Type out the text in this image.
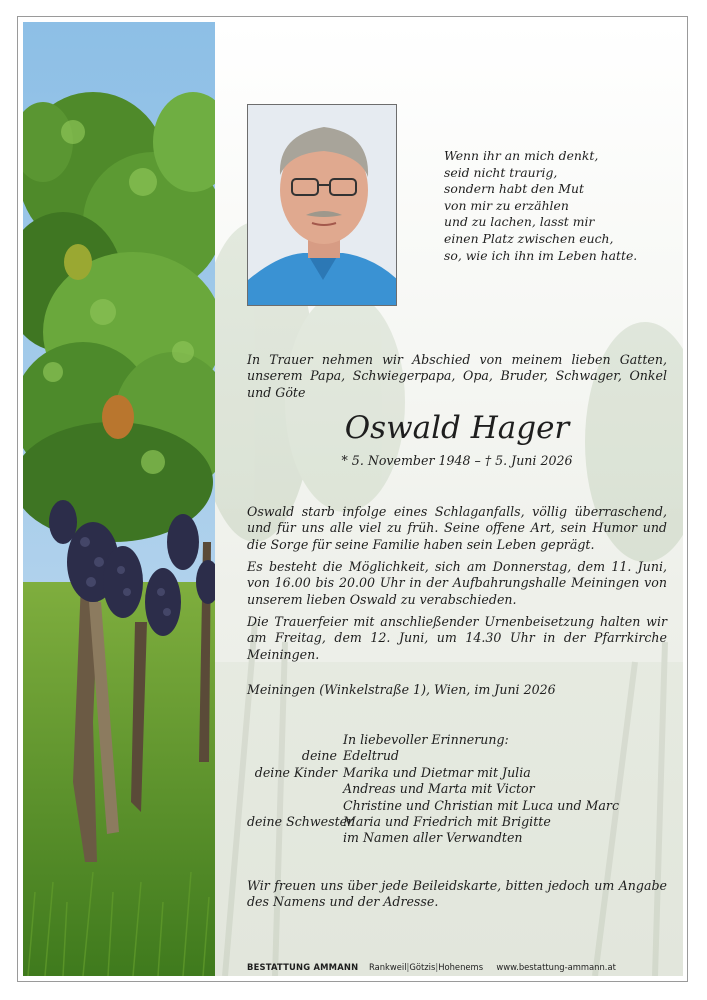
Wenn ihr an mich denkt,
seid nicht traurig,
sondern habt den Mut
von mir zu erzählen
und zu lachen, lasst mir
einen Platz zwischen euch,
so, wie ich ihn im Leben hatte.
In Trauer nehmen wir Abschied von meinem lieben Gatten, unserem Papa, Schwiegerpapa, Opa, Bruder, Schwager, Onkel und Göte
Oswald Hager
* 5. November 1948 – † 5. Juni 2026
Oswald starb infolge eines Schlaganfalls, völlig überraschend, und für uns alle viel zu früh. Seine offene Art, sein Humor und die Sorge für seine Familie haben sein Leben geprägt.
Es besteht die Möglichkeit, sich am Donnerstag, dem 11. Juni, von 16.00 bis 20.00 Uhr in der Aufbahrungshalle Meiningen von unserem lieben Oswald zu verabschieden.
Die Trauerfeier mit anschließender Urnenbeisetzung halten wir am Freitag, dem 12. Juni, um 14.30 Uhr in der Pfarrkirche Meiningen.
Meiningen (Winkelstraße 1), Wien, im Juni 2026
In liebevoller Erinnerung:
deine Edeltrud
deine Kinder Marika und Dietmar mit Julia
Andreas und Marta mit Victor
Christine und Christian mit Luca und Marc
deine Schwester
Maria und Friedrich mit Brigitte
im Namen aller Verwandten
Wir freuen uns über jede Beileidskarte, bitten jedoch um Angabe des Namens und der Adresse.
BESTATTUNG AMMANN Rankweil|Götzis|Hohenems www.bestattung-ammann.at
